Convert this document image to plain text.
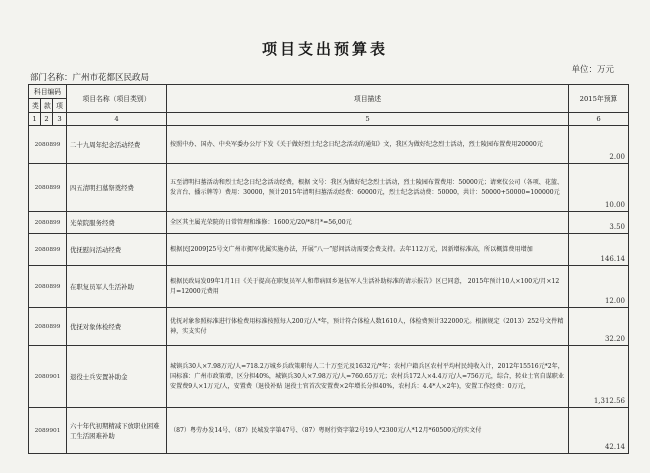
项目支出预算表
部门名称：广州市花都区民政局
单位：万元
科目编码			项目名称（项目类别）	项目描述	2015年预算
类	款	项			
1	2	3	4	5	6
2080899			二十九周年纪念活动经费	按照中办、国办、中央军委办公厅下发《关于做好烈士纪念日纪念活动的通知》文，我区为做好纪念烈士活动，烈士陵园布置费用20000元	2.00
2080899			四五清明扫墓祭奠经费	五至清明扫墓活动和烈士纪念日纪念活动经费，根据 文号：我区为做好纪念烈士活动，烈士陵园布置费用：50000元；请柬仪公司（各项、花篮、发言台、播示牌等）费用：30000，预计2015年清明扫墓活动经费：60000元，烈士纪念活动费：50000，共计：50000+50000=100000元	10.00
2080899			光荣院服务经费	全区其主属光荣院的日常管理和维修：1600元/20/*8月*=56,00元	3.50
2080899			优抚慰问活动经费	根据民[2009]25号文广州市拥军优属实施办法，开展“八一”慰问活动需要会费支持。去年112万元，因新增标准高，所以概算费用增加	146.14
2080899			在职复员军人生活补助	根据民政局发09年1月1日《关于提高在职复员军人和带病回乡退伍军人生活补助标准的请示报告》区已同意， 2015年预计10人×100元/月×12月=12000元费用	12.00
2080899			优抚对象体检经费	优抚对象参照标准进行体检费用标准按照每人200元/人*年，预计符合体检人数1610人，体检费预计322000元。根据规定（2013）252号文件精神，实支实付	32.20
2080901			退役士兵安置补助金	城镇兵30人×7.98万元/人=718.2万城乡兵政策职每人二十万至元及1632元/*年；农村户籍兵区农村平均村民纯收入计，2012年15516元*2年，国标准：广州市政策增，区分担40%，城镇兵30人×7.98万元/人=760.65万元；农村兵172人×4.4万元/人=756万元，综合，转业士官自谋职业安置费9人×1万元/人，安置费（退役补贴 退役士官首次安置费×2年增长分担40%，农村兵：4.4*人×2年)，安置工作经费：0万元，	1,312.56
2089901			六十年代初期精减下放职业困难工生活困难补助	（87）粤劳办发14号、（87）民城发字第47号、（87）粤财行资字第2号19人*2300元/人*12月*60500元的实文付	42.14
